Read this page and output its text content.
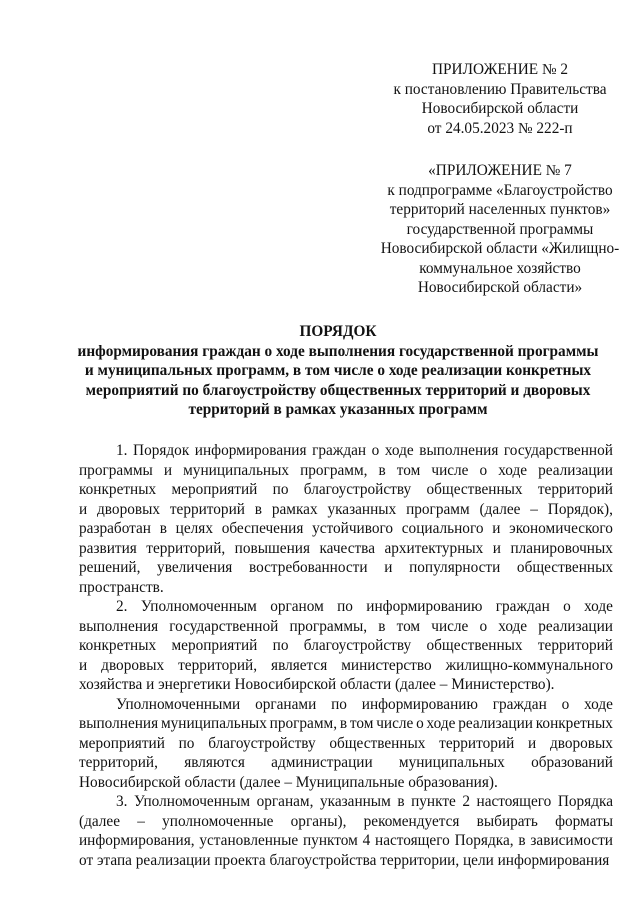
ПРИЛОЖЕНИЕ № 2
к постановлению Правительства
Новосибирской области
от 24.05.2023 № 222-п
«ПРИЛОЖЕНИЕ № 7
к подпрограмме «Благоустройство
территорий населенных пунктов»
государственной программы
Новосибирской области «Жилищно-
коммунальное хозяйство
Новосибирской области»
ПОРЯДОК
информирования граждан о ходе выполнения государственной программы
и муниципальных программ, в том числе о ходе реализации конкретных
мероприятий по благоустройству общественных территорий и дворовых
территорий в рамках указанных программ
1. Порядок информирования граждан о ходе выполнения государственной
программы и муниципальных программ, в том числе о ходе реализации
конкретных мероприятий по благоустройству общественных территорий
и дворовых территорий в рамках указанных программ (далее – Порядок),
разработан в целях обеспечения устойчивого социального и экономического
развития территорий, повышения качества архитектурных и планировочных
решений, увеличения востребованности и популярности общественных
пространств.
2. Уполномоченным органом по информированию граждан о ходе
выполнения государственной программы, в том числе о ходе реализации
конкретных мероприятий по благоустройству общественных территорий
и дворовых территорий, является министерство жилищно-коммунального
хозяйства и энергетики Новосибирской области (далее – Министерство).
Уполномоченными органами по информированию граждан о ходе
выполнения муниципальных программ, в том числе о ходе реализации конкретных
мероприятий по благоустройству общественных территорий и дворовых
территорий, являются администрации муниципальных образований
Новосибирской области (далее – Муниципальные образования).
3. Уполномоченным органам, указанным в пункте 2 настоящего Порядка
(далее – уполномоченные органы), рекомендуется выбирать форматы
информирования, установленные пунктом 4 настоящего Порядка, в зависимости
от этапа реализации проекта благоустройства территории, цели информирования
